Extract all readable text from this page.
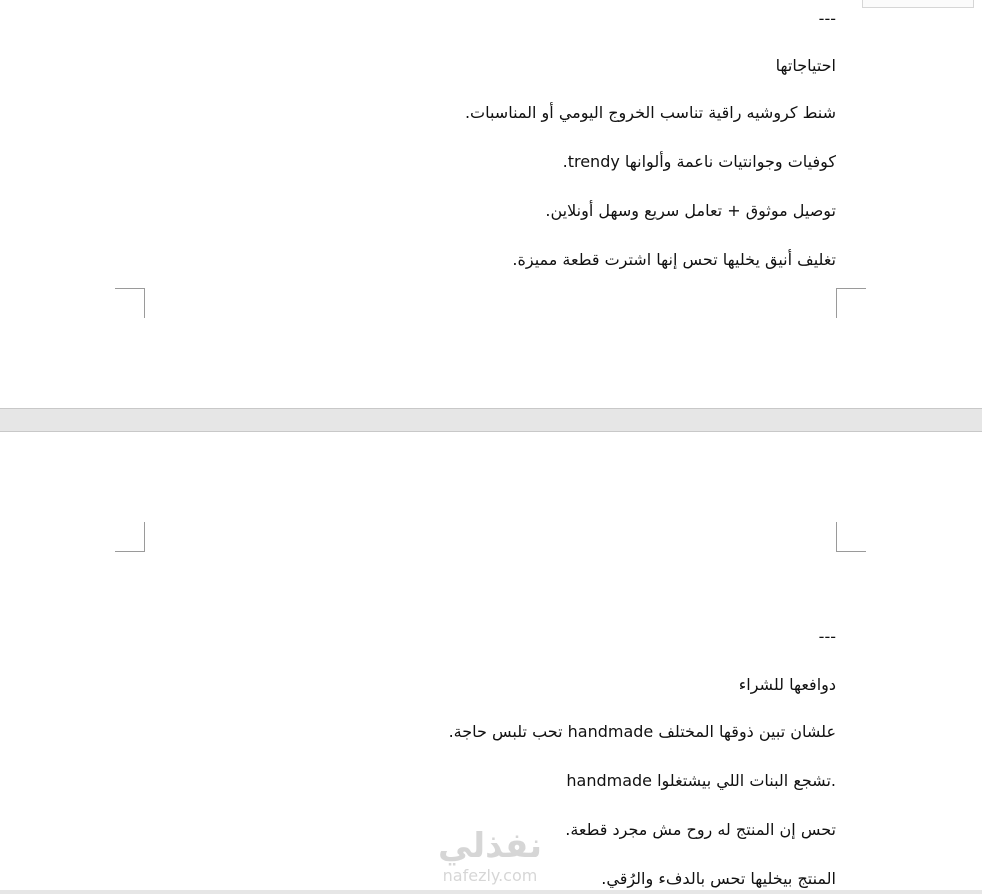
---

احتياجاتها

شنط كروشيه راقية تناسب الخروج اليومي أو المناسبات.

كوفيات وجوانتيات ناعمة وألوانها trendy.

توصيل موثوق + تعامل سريع وسهل أونلاين.

تغليف أنيق يخليها تحس إنها اشترت قطعة مميزة.

---

دوافعها للشراء

علشان تبين ذوقها المختلف handmade تحب تلبس حاجة.

handmade تشجع البنات اللي بيشتغلوا.

تحس إن المنتج له روح مش مجرد قطعة.

المنتج بيخليها تحس بالدفء والرُقي.

نفذلي
nafezly.com
